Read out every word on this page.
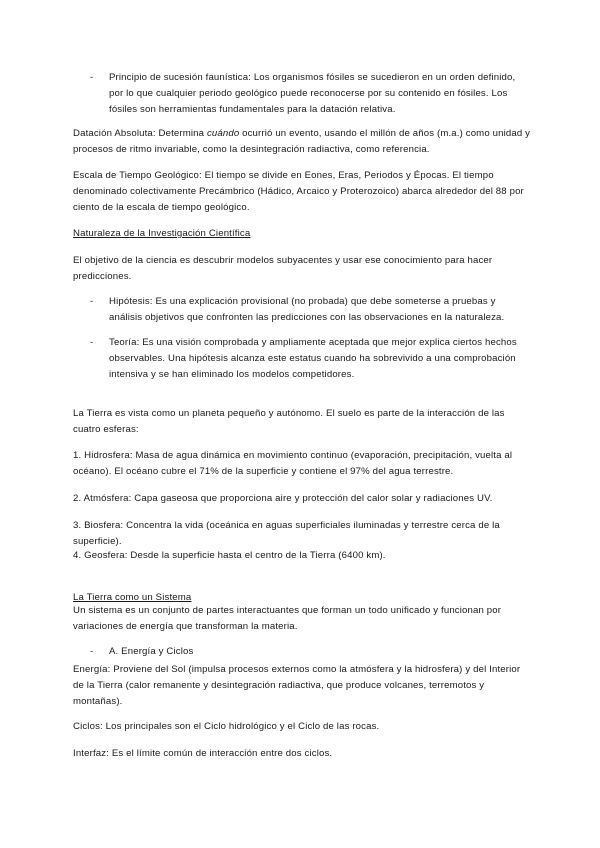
- Principio de sucesión faunística: Los organismos fósiles se sucedieron en un orden definido, por lo que cualquier periodo geológico puede reconocerse por su contenido en fósiles. Los fósiles son herramientas fundamentales para la datación relativa.

Datación Absoluta: Determina cuándo ocurrió un evento, usando el millón de años (m.a.) como unidad y procesos de ritmo invariable, como la desintegración radiactiva, como referencia.

Escala de Tiempo Geológico: El tiempo se divide en Eones, Eras, Periodos y Épocas. El tiempo denominado colectivamente Precámbrico (Hádico, Arcaico y Proterozoico) abarca alrededor del 88 por ciento de la escala de tiempo geológico.

Naturaleza de la Investigación Científica

El objetivo de la ciencia es descubrir modelos subyacentes y usar ese conocimiento para hacer predicciones.

- Hipótesis: Es una explicación provisional (no probada) que debe someterse a pruebas y análisis objetivos que confronten las predicciones con las observaciones en la naturaleza.
- Teoría: Es una visión comprobada y ampliamente aceptada que mejor explica ciertos hechos observables. Una hipótesis alcanza este estatus cuando ha sobrevivido a una comprobación intensiva y se han eliminado los modelos competidores.

La Tierra es vista como un planeta pequeño y autónomo. El suelo es parte de la interacción de las cuatro esferas:

1. Hidrosfera: Masa de agua dinámica en movimiento continuo (evaporación, precipitación, vuelta al océano). El océano cubre el 71% de la superficie y contiene el 97% del agua terrestre.

2. Atmósfera: Capa gaseosa que proporciona aire y protección del calor solar y radiaciones UV.

3. Biosfera: Concentra la vida (oceánica en aguas superficiales iluminadas y terrestre cerca de la superficie).

4. Geosfera: Desde la superficie hasta el centro de la Tierra (6400 km).

La Tierra como un Sistema

Un sistema es un conjunto de partes interactuantes que forman un todo unificado y funcionan por variaciones de energía que transforman la materia.

- A. Energía y Ciclos

Energía: Proviene del Sol (impulsa procesos externos como la atmósfera y la hidrosfera) y del Interior de la Tierra (calor remanente y desintegración radiactiva, que produce volcanes, terremotos y montañas).

Ciclos: Los principales son el Ciclo hidrológico y el Ciclo de las rocas.

Interfaz: Es el límite común de interacción entre dos ciclos.
